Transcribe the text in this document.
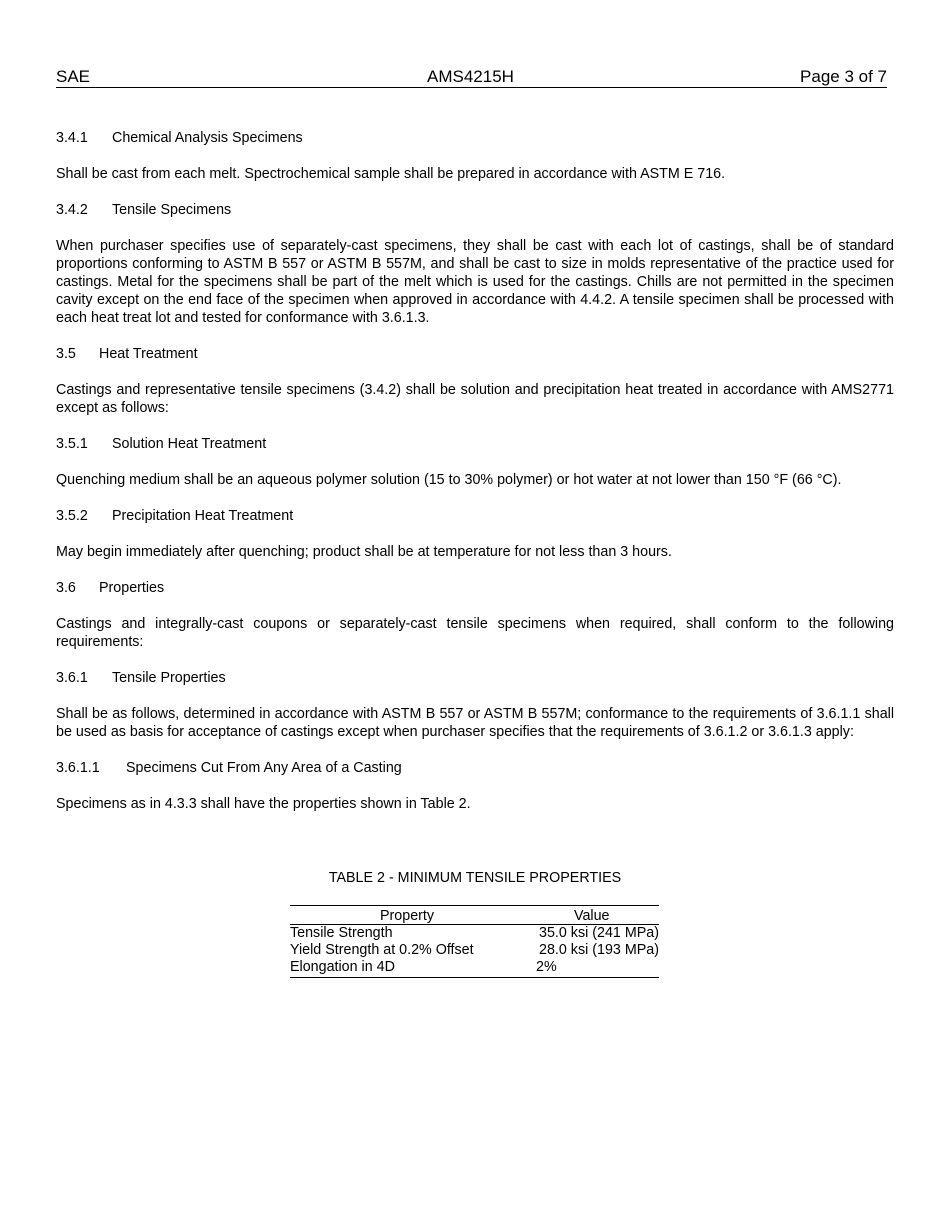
SAE	AMS4215H	Page 3 of 7
3.4.1 Chemical Analysis Specimens

Shall be cast from each melt. Spectrochemical sample shall be prepared in accordance with ASTM E 716.

3.4.2 Tensile Specimens

When purchaser specifies use of separately-cast specimens, they shall be cast with each lot of castings, shall be of standard proportions conforming to ASTM B 557 or ASTM B 557M, and shall be cast to size in molds representative of the practice used for castings. Metal for the specimens shall be part of the melt which is used for the castings. Chills are not permitted in the specimen cavity except on the end face of the specimen when approved in accordance with 4.4.2. A tensile specimen shall be processed with each heat treat lot and tested for conformance with 3.6.1.3.

3.5 Heat Treatment

Castings and representative tensile specimens (3.4.2) shall be solution and precipitation heat treated in accordance with AMS2771 except as follows:

3.5.1 Solution Heat Treatment

Quenching medium shall be an aqueous polymer solution (15 to 30% polymer) or hot water at not lower than 150 °F (66 °C).

3.5.2 Precipitation Heat Treatment

May begin immediately after quenching; product shall be at temperature for not less than 3 hours.

3.6 Properties

Castings and integrally-cast coupons or separately-cast tensile specimens when required, shall conform to the following requirements:

3.6.1 Tensile Properties

Shall be as follows, determined in accordance with ASTM B 557 or ASTM B 557M; conformance to the requirements of 3.6.1.1 shall be used as basis for acceptance of castings except when purchaser specifies that the requirements of 3.6.1.2 or 3.6.1.3 apply:

3.6.1.1 Specimens Cut From Any Area of a Casting

Specimens as in 4.3.3 shall have the properties shown in Table 2.

TABLE 2 - MINIMUM TENSILE PROPERTIES
Property	Value
Tensile Strength	35.0 ksi (241 MPa)
Yield Strength at 0.2% Offset	28.0 ksi (193 MPa)
Elongation in 4D	2%
